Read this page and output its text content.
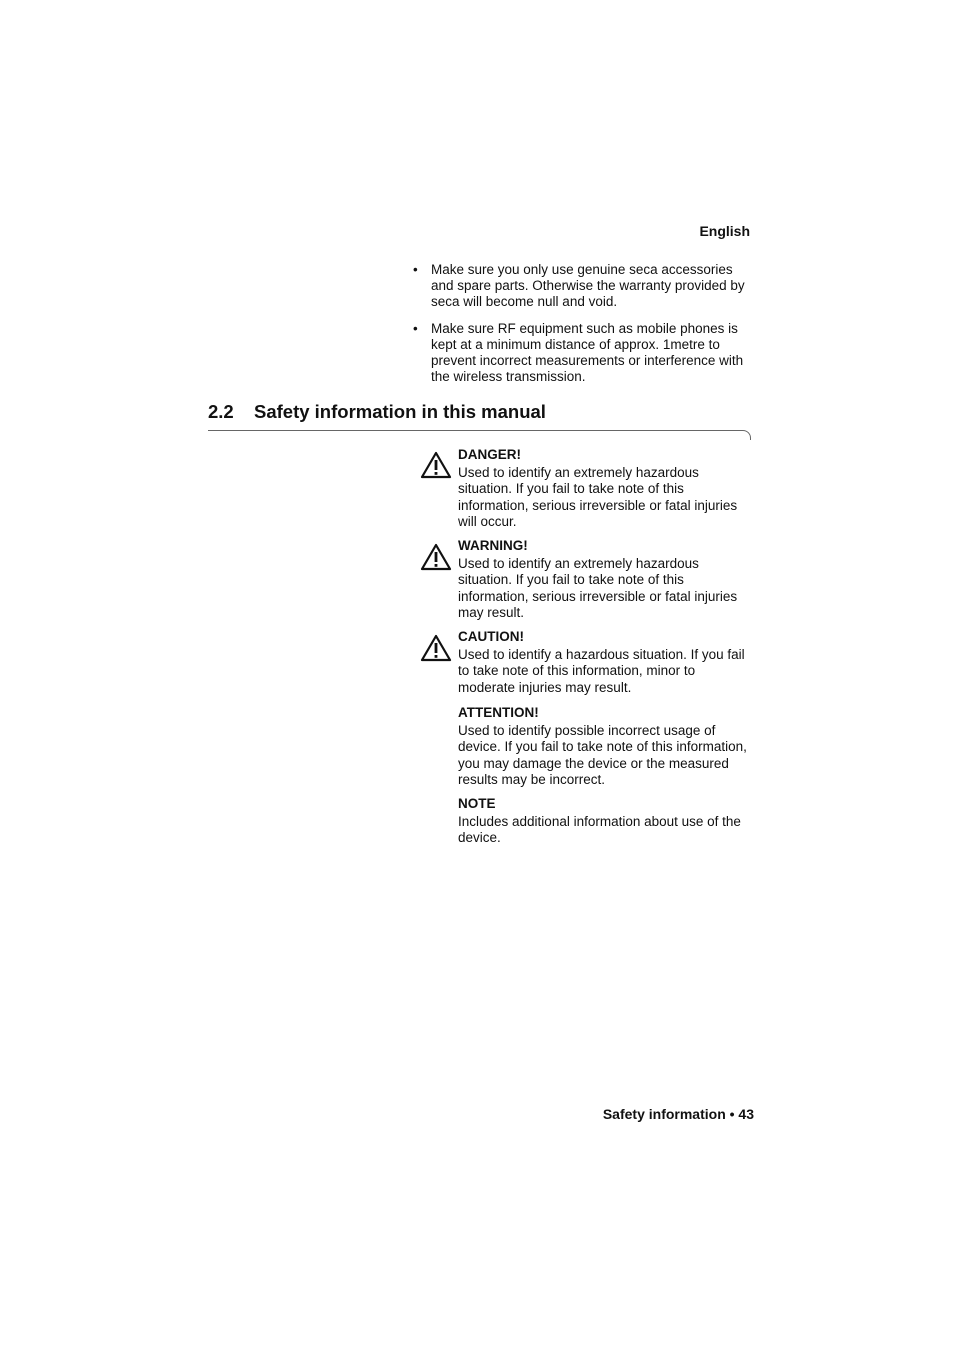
English
• Make sure you only use genuine seca accessories and spare parts. Otherwise the warranty provided by seca will become null and void.
• Make sure RF equipment such as mobile phones is kept at a minimum distance of approx. 1metre to prevent incorrect measurements or interference with the wireless transmission.
2.2 Safety information in this manual
DANGER!
Used to identify an extremely hazardous situation. If you fail to take note of this information, serious irreversible or fatal injuries will occur.
WARNING!
Used to identify an extremely hazardous situation. If you fail to take note of this information, serious irreversible or fatal injuries may result.
CAUTION!
Used to identify a hazardous situation. If you fail to take note of this information, minor to moderate injuries may result.
ATTENTION!
Used to identify possible incorrect usage of device. If you fail to take note of this information, you may damage the device or the measured results may be incorrect.
NOTE
Includes additional information about use of the device.
Safety information • 43
